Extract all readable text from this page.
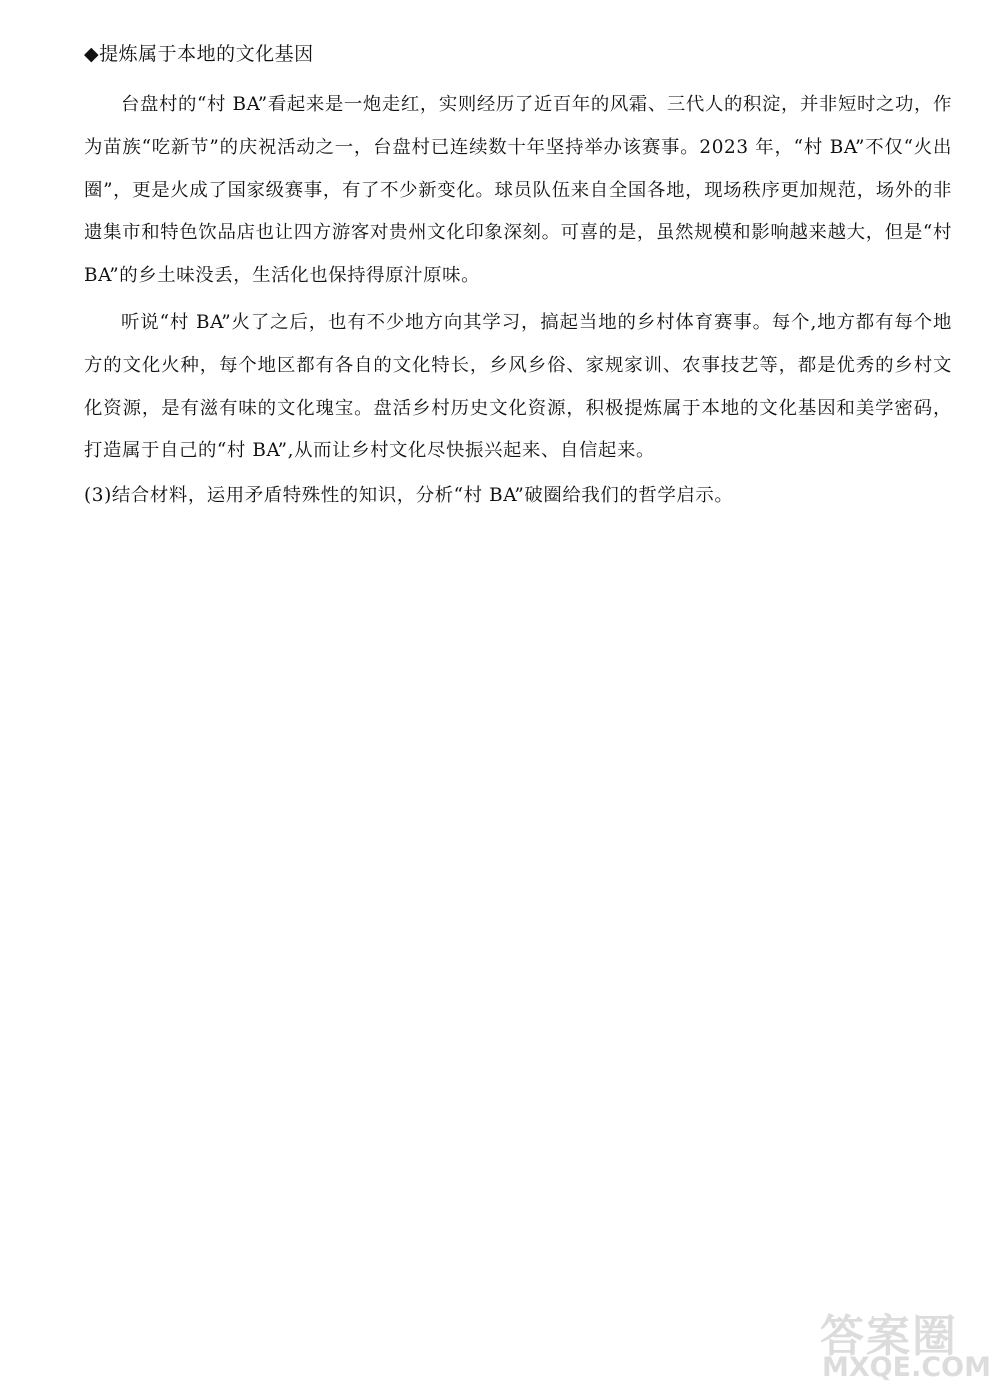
◆提炼属于本地的文化基因

台盘村的“村 BA”看起来是一炮走红，实则经历了近百年的风霜、三代人的积淀，并非短时之功，作为苗族“吃新节”的庆祝活动之一，台盘村已连续数十年坚持举办该赛事。2023 年，“村 BA”不仅“火出圈”，更是火成了国家级赛事，有了不少新变化。球员队伍来自全国各地，现场秩序更加规范，场外的非遗集市和特色饮品店也让四方游客对贵州文化印象深刻。可喜的是，虽然规模和影响越来越大，但是“村 BA”的乡土味没丢，生活化也保持得原汁原味。

听说“村 BA”火了之后，也有不少地方向其学习，搞起当地的乡村体育赛事。每个,地方都有每个地方的文化火种，每个地区都有各自的文化特长，乡风乡俗、家规家训、农事技艺等，都是优秀的乡村文化资源，是有滋有味的文化瑰宝。盘活乡村历史文化资源，积极提炼属于本地的文化基因和美学密码，打造属于自己的“村 BA”,从而让乡村文化尽快振兴起来、自信起来。

(3)结合材料，运用矛盾特殊性的知识，分析“村 BA”破圈给我们的哲学启示。
答案圈
MXQE.COM
